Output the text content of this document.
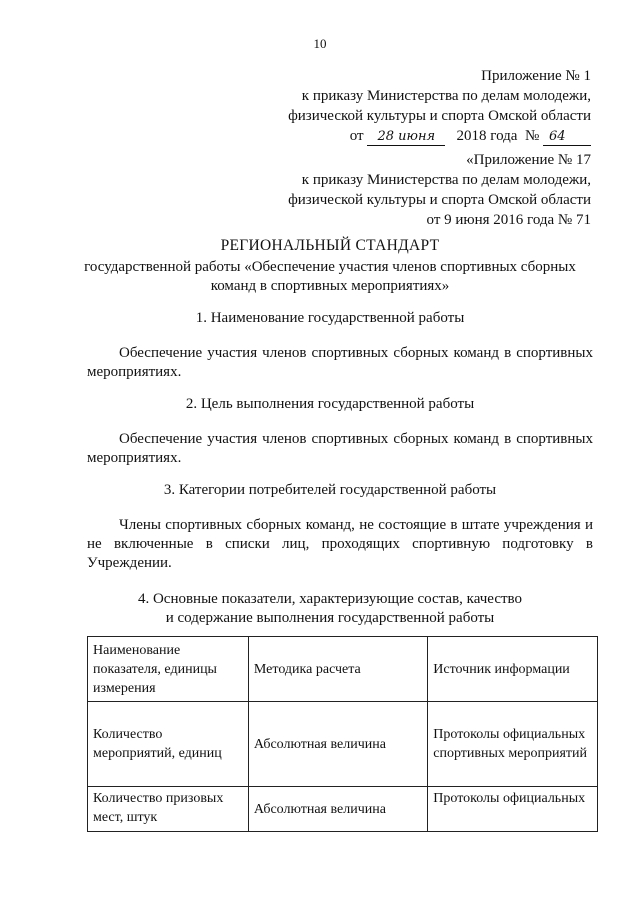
10
Приложение № 1
к приказу Министерства по делам молодежи,
физической культуры и спорта Омской области
от 28 июня 2018 года № 64
«Приложение № 17
к приказу Министерства по делам молодежи,
физической культуры и спорта Омской области
от 9 июня 2016 года № 71
РЕГИОНАЛЬНЫЙ СТАНДАРТ
государственной работы «Обеспечение участия членов спортивных сборных команд в спортивных мероприятиях»
1. Наименование государственной работы
Обеспечение участия членов спортивных сборных команд в спортивных мероприятиях.
2. Цель выполнения государственной работы
Обеспечение участия членов спортивных сборных команд в спортивных мероприятиях.
3. Категории потребителей государственной работы
Члены спортивных сборных команд, не состоящие в штате учреждения и не включенные в списки лиц, проходящих спортивную подготовку в Учреждении.
4. Основные показатели, характеризующие состав, качество
и содержание выполнения государственной работы
Наименование показателя, единицы измерения	Методика расчета	Источник информации
Количество мероприятий, единиц	Абсолютная величина	Протоколы официальных спортивных мероприятий
Количество призовых мест, штук	Абсолютная величина	Протоколы официальных
